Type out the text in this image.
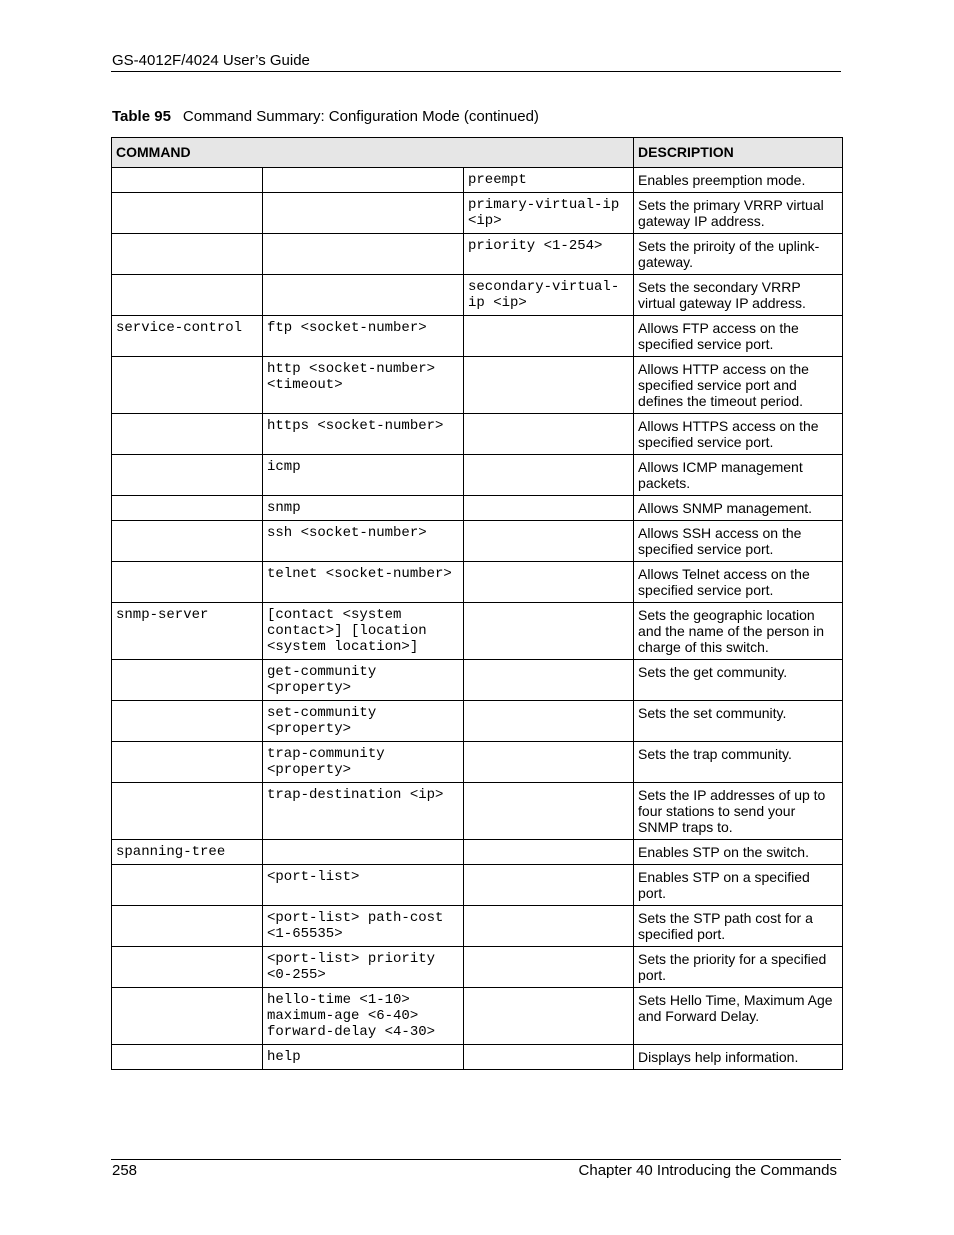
GS-4012F/4024 User’s Guide
Table 95 Command Summary: Configuration Mode (continued)
COMMAND			DESCRIPTION
		preempt	Enables preemption mode.
		primary-virtual-ip <ip>	Sets the primary VRRP virtual gateway IP address.
		priority <1-254>	Sets the priroity of the uplink-gateway.
		secondary-virtual-ip <ip>	Sets the secondary VRRP virtual gateway IP address.
service-control	ftp <socket-number>		Allows FTP access on the specified service port.
	http <socket-number> <timeout>		Allows HTTP access on the specified service port and defines the timeout period.
	https <socket-number>		Allows HTTPS access on the specified service port.
	icmp		Allows ICMP management packets.
	snmp		Allows SNMP management.
	ssh <socket-number>		Allows SSH access on the specified service port.
	telnet <socket-number>		Allows Telnet access on the specified service port.
snmp-server	[contact <system contact>] [location <system location>]		Sets the geographic location and the name of the person in charge of this switch.
	get-community <property>		Sets the get community.
	set-community <property>		Sets the set community.
	trap-community <property>		Sets the trap community.
	trap-destination <ip>		Sets the IP addresses of up to four stations to send your SNMP traps to.
spanning-tree			Enables STP on the switch.
	<port-list>		Enables STP on a specified port.
	<port-list> path-cost <1-65535>		Sets the STP path cost for a specified port.
	<port-list> priority <0-255>		Sets the priority for a specified port.
	hello-time <1-10> maximum-age <6-40> forward-delay <4-30>		Sets Hello Time, Maximum Age and Forward Delay.
	help		Displays help information.
258	Chapter 40 Introducing the Commands
